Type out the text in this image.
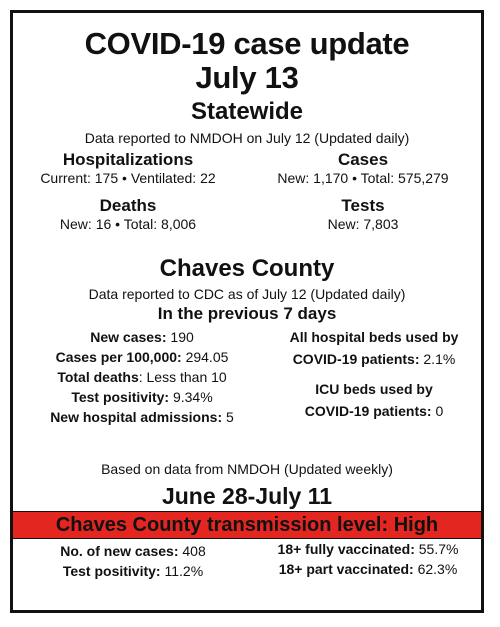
COVID-19 case update
July 13
Statewide
Data reported to NMDOH on July 12 (Updated daily)
Hospitalizations
Current: 175 • Ventilated: 22
Cases
New: 1,170 • Total: 575,279
Deaths
New: 16 • Total: 8,006
Tests
New: 7,803
Chaves County
Data reported to CDC as of July 12 (Updated daily)
In the previous 7 days
New cases: 190
Cases per 100,000: 294.05
Total deaths: Less than 10
Test positivity: 9.34%
New hospital admissions: 5
All hospital beds used by
COVID-19 patients: 2.1%
ICU beds used by
COVID-19 patients: 0
Based on data from NMDOH (Updated weekly)
June 28-July 11
Chaves County transmission level: High
No. of new cases: 408
Test positivity: 11.2%
18+ fully vaccinated: 55.7%
18+ part vaccinated: 62.3%
